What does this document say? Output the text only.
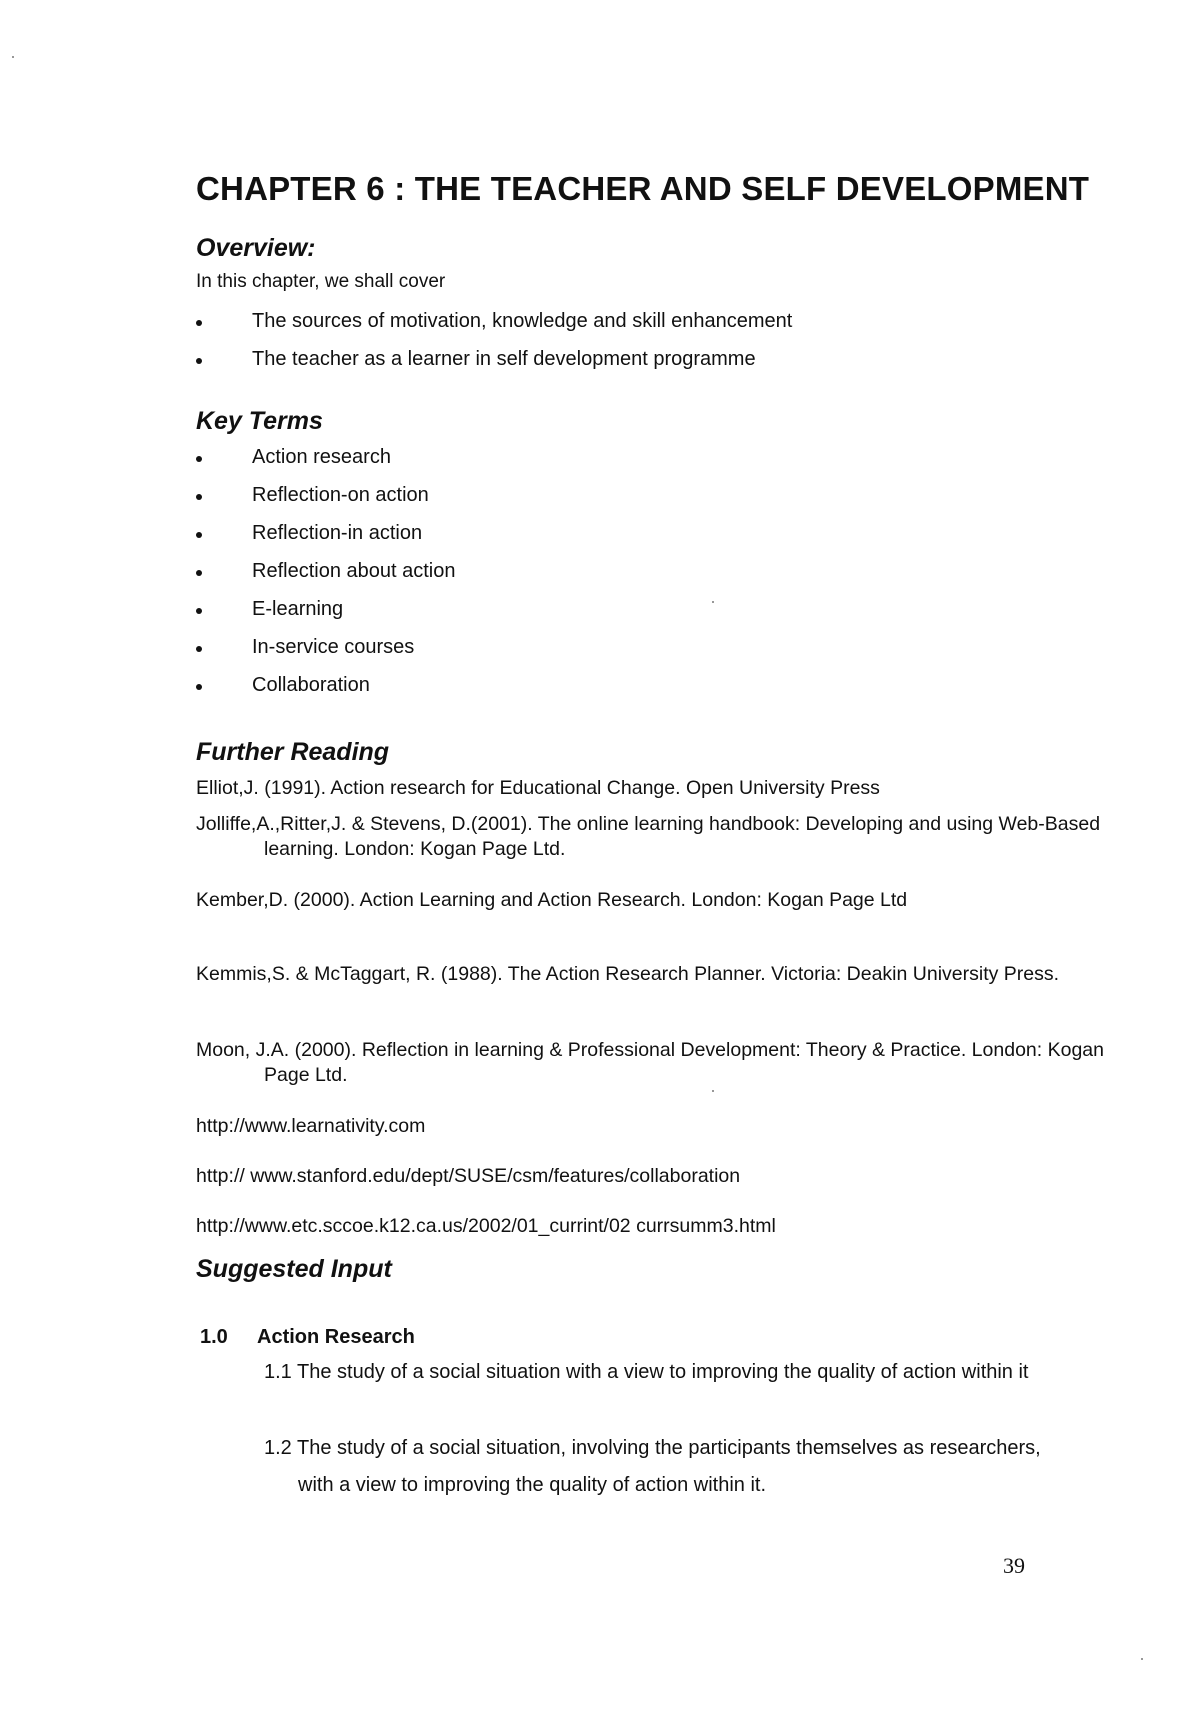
CHAPTER 6 : THE TEACHER AND SELF DEVELOPMENT
Overview:

In this chapter, we shall cover

The sources of motivation, knowledge and skill enhancement
The teacher as a learner in self development programme
Key Terms
Action research
Reflection-on action
Reflection-in action
Reflection about action
E-learning
In-service courses
Collaboration
Further Reading

Elliot,J. (1991). Action research for Educational Change. Open University Press

Jolliffe,A.,Ritter,J. & Stevens, D.(2001). The online learning handbook: Developing and using Web-Based learning. London: Kogan Page Ltd.

Kember,D. (2000). Action Learning and Action Research. London: Kogan Page Ltd

Kemmis,S. & McTaggart, R. (1988). The Action Research Planner. Victoria: Deakin University Press.

Moon, J.A. (2000). Reflection in learning & Professional Development: Theory & Practice. London: Kogan Page Ltd.

http://www.learnativity.com

http:// www.stanford.edu/dept/SUSE/csm/features/collaboration

http://www.etc.sccoe.k12.ca.us/2002/01_currint/02 currsumm3.html

Suggested Input
1.0 Action Research

1.1 The study of a social situation with a view to improving the quality of action within it

1.2 The study of a social situation, involving the participants themselves as researchers, with a view to improving the quality of action within it.

39
